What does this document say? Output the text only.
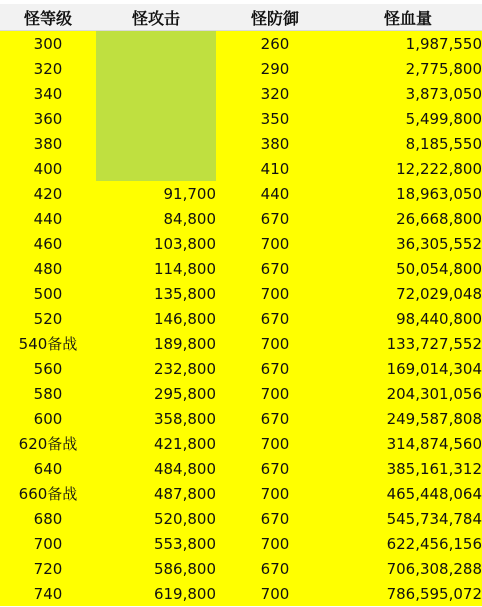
怪等级	怪攻击	怪防御	怪血量
300		260	1,987,550
320		290	2,775,800
340		320	3,873,050
360		350	5,499,800
380		380	8,185,550
400		410	12,222,800
420	91,700	440	18,963,050
440	84,800	670	26,668,800
460	103,800	700	36,305,552
480	114,800	670	50,054,800
500	135,800	700	72,029,048
520	146,800	670	98,440,800
540备战	189,800	700	133,727,552
560	232,800	670	169,014,304
580	295,800	700	204,301,056
600	358,800	670	249,587,808
620备战	421,800	700	314,874,560
640	484,800	670	385,161,312
660备战	487,800	700	465,448,064
680	520,800	670	545,734,784
700	553,800	700	622,456,156
720	586,800	670	706,308,288
740	619,800	700	786,595,072
